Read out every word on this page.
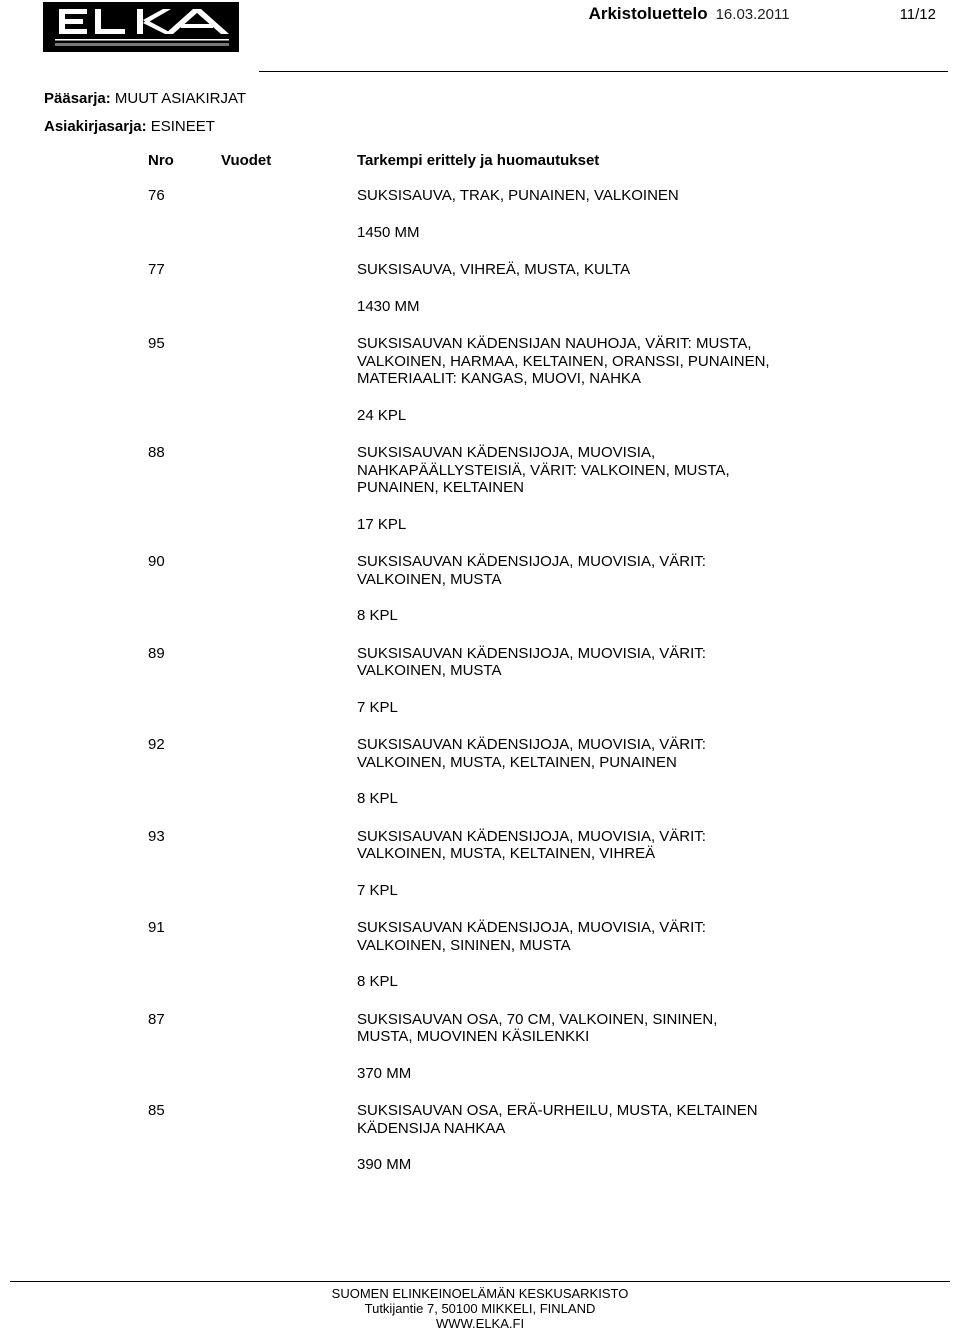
Arkistoluettelo 16.03.2011	11/12
Pääsarja: MUUT ASIAKIRJAT
Asiakirjasarja: ESINEET
Nro	Vuodet	Tarkempi erittely ja huomautukset
76	SUKSISAUVA, TRAK, PUNAINEN, VALKOINEN
1450 MM
77	SUKSISAUVA, VIHREÄ, MUSTA, KULTA
1430 MM
95	SUKSISAUVAN KÄDENSIJAN NAUHOJA, VÄRIT: MUSTA,
VALKOINEN, HARMAA, KELTAINEN, ORANSSI, PUNAINEN,
MATERIAALIT: KANGAS, MUOVI, NAHKA
24 KPL
88	SUKSISAUVAN KÄDENSIJOJA, MUOVISIA,
NAHKAPÄÄLLYSTEISIÄ, VÄRIT: VALKOINEN, MUSTA,
PUNAINEN, KELTAINEN
17 KPL
90	SUKSISAUVAN KÄDENSIJOJA, MUOVISIA, VÄRIT:
VALKOINEN, MUSTA
8 KPL
89	SUKSISAUVAN KÄDENSIJOJA, MUOVISIA, VÄRIT:
VALKOINEN, MUSTA
7 KPL
92	SUKSISAUVAN KÄDENSIJOJA, MUOVISIA, VÄRIT:
VALKOINEN, MUSTA, KELTAINEN, PUNAINEN
8 KPL
93	SUKSISAUVAN KÄDENSIJOJA, MUOVISIA, VÄRIT:
VALKOINEN, MUSTA, KELTAINEN, VIHREÄ
7 KPL
91	SUKSISAUVAN KÄDENSIJOJA, MUOVISIA, VÄRIT:
VALKOINEN, SININEN, MUSTA
8 KPL
87	SUKSISAUVAN OSA, 70 CM, VALKOINEN, SININEN,
MUSTA, MUOVINEN KÄSILENKKI
370 MM
85	SUKSISAUVAN OSA, ERÄ-URHEILU, MUSTA, KELTAINEN
KÄDENSIJA NAHKAA
390 MM
SUOMEN ELINKEINOELÄMÄN KESKUSARKISTO
Tutkijantie 7, 50100 MIKKELI, FINLAND
WWW.ELKA.FI
